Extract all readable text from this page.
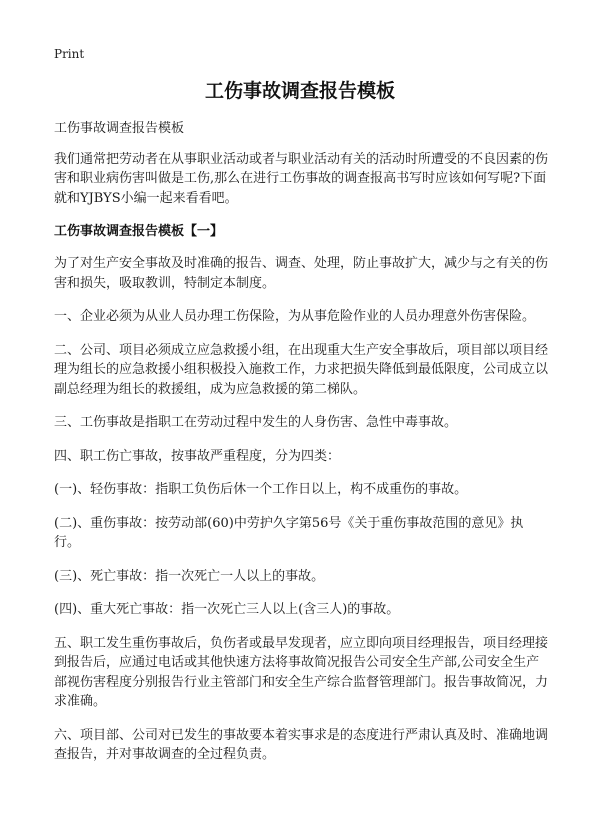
Print
工伤事故调查报告模板

工伤事故调查报告模板

我们通常把劳动者在从事职业活动或者与职业活动有关的活动时所遭受的不良因素的伤害和职业病伤害叫做是工伤,那么在进行工伤事故的调查报高书写时应该如何写呢?下面就和YJBYS小编一起来看看吧。

工伤事故调查报告模板【一】

为了对生产安全事故及时准确的报告、调查、处理，防止事故扩大，减少与之有关的伤害和损失，吸取教训，特制定本制度。

一、企业必须为从业人员办理工伤保险，为从事危险作业的人员办理意外伤害保险。

二、公司、项目必须成立应急救援小组，在出现重大生产安全事故后，项目部以项目经理为组长的应急救援小组积极投入施救工作，力求把损失降低到最低限度，公司成立以副总经理为组长的救援组，成为应急救援的第二梯队。

三、工伤事故是指职工在劳动过程中发生的人身伤害、急性中毒事故。

四、职工伤亡事故，按事故严重程度，分为四类：

(一)、轻伤事故：指职工负伤后休一个工作日以上，构不成重伤的事故。

(二)、重伤事故：按劳动部(60)中劳护久字第56号《关于重伤事故范围的意见》执行。

(三)、死亡事故：指一次死亡一人以上的事故。

(四)、重大死亡事故：指一次死亡三人以上(含三人)的事故。

五、职工发生重伤事故后，负伤者或最早发现者，应立即向项目经理报告，项目经理接到报告后，应通过电话或其他快速方法将事故简况报告公司安全生产部,公司安全生产部视伤害程度分别报告行业主管部门和安全生产综合监督管理部门。报告事故简况，力求准确。

六、项目部、公司对已发生的事故要本着实事求是的态度进行严肃认真及时、准确地调查报告，并对事故调查的全过程负责。
